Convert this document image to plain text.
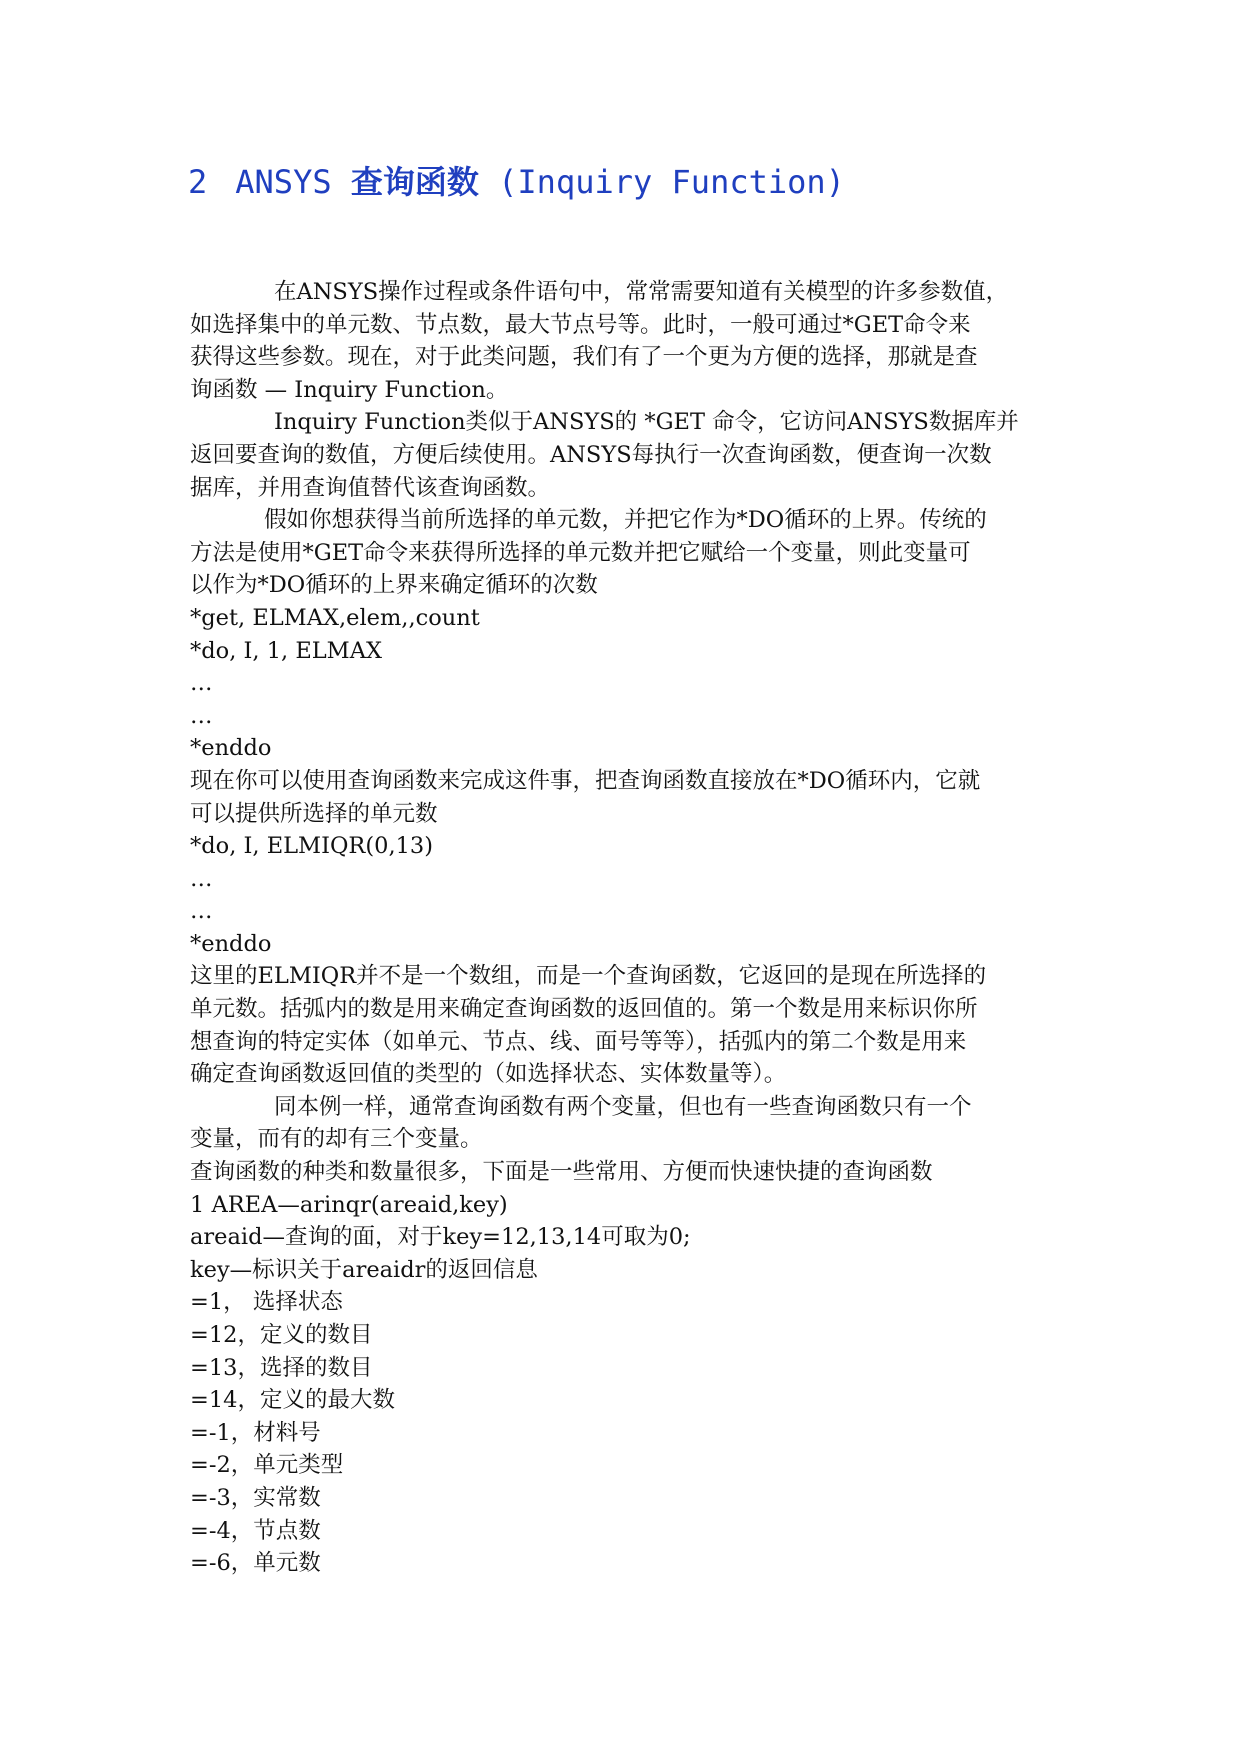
2 ANSYS 查询函数 (Inquiry Function)
在ANSYS操作过程或条件语句中，常常需要知道有关模型的许多参数值，
如选择集中的单元数、节点数，最大节点号等。此时，一般可通过*GET命令来
获得这些参数。现在，对于此类问题，我们有了一个更为方便的选择，那就是查
询函数 — Inquiry Function。
Inquiry Function类似于ANSYS的 *GET 命令，它访问ANSYS数据库并
返回要查询的数值，方便后续使用。ANSYS每执行一次查询函数，便查询一次数
据库，并用查询值替代该查询函数。
假如你想获得当前所选择的单元数，并把它作为*DO循环的上界。传统的
方法是使用*GET命令来获得所选择的单元数并把它赋给一个变量，则此变量可
以作为*DO循环的上界来确定循环的次数
*get, ELMAX,elem,,count
*do, I, 1, ELMAX
…
…
*enddo
现在你可以使用查询函数来完成这件事，把查询函数直接放在*DO循环内，它就
可以提供所选择的单元数
*do, I, ELMIQR(0,13)
…
…
*enddo
这里的ELMIQR并不是一个数组，而是一个查询函数，它返回的是现在所选择的
单元数。括弧内的数是用来确定查询函数的返回值的。第一个数是用来标识你所
想查询的特定实体（如单元、节点、线、面号等等），括弧内的第二个数是用来
确定查询函数返回值的类型的（如选择状态、实体数量等）。
同本例一样，通常查询函数有两个变量，但也有一些查询函数只有一个
变量，而有的却有三个变量。
查询函数的种类和数量很多，下面是一些常用、方便而快速快捷的查询函数
1 AREA—arinqr(areaid,key)
areaid—查询的面，对于key=12,13,14可取为0;
key—标识关于areaidr的返回信息
=1， 选择状态
=12，定义的数目
=13，选择的数目
=14，定义的最大数
=-1，材料号
=-2，单元类型
=-3，实常数
=-4，节点数
=-6，单元数
